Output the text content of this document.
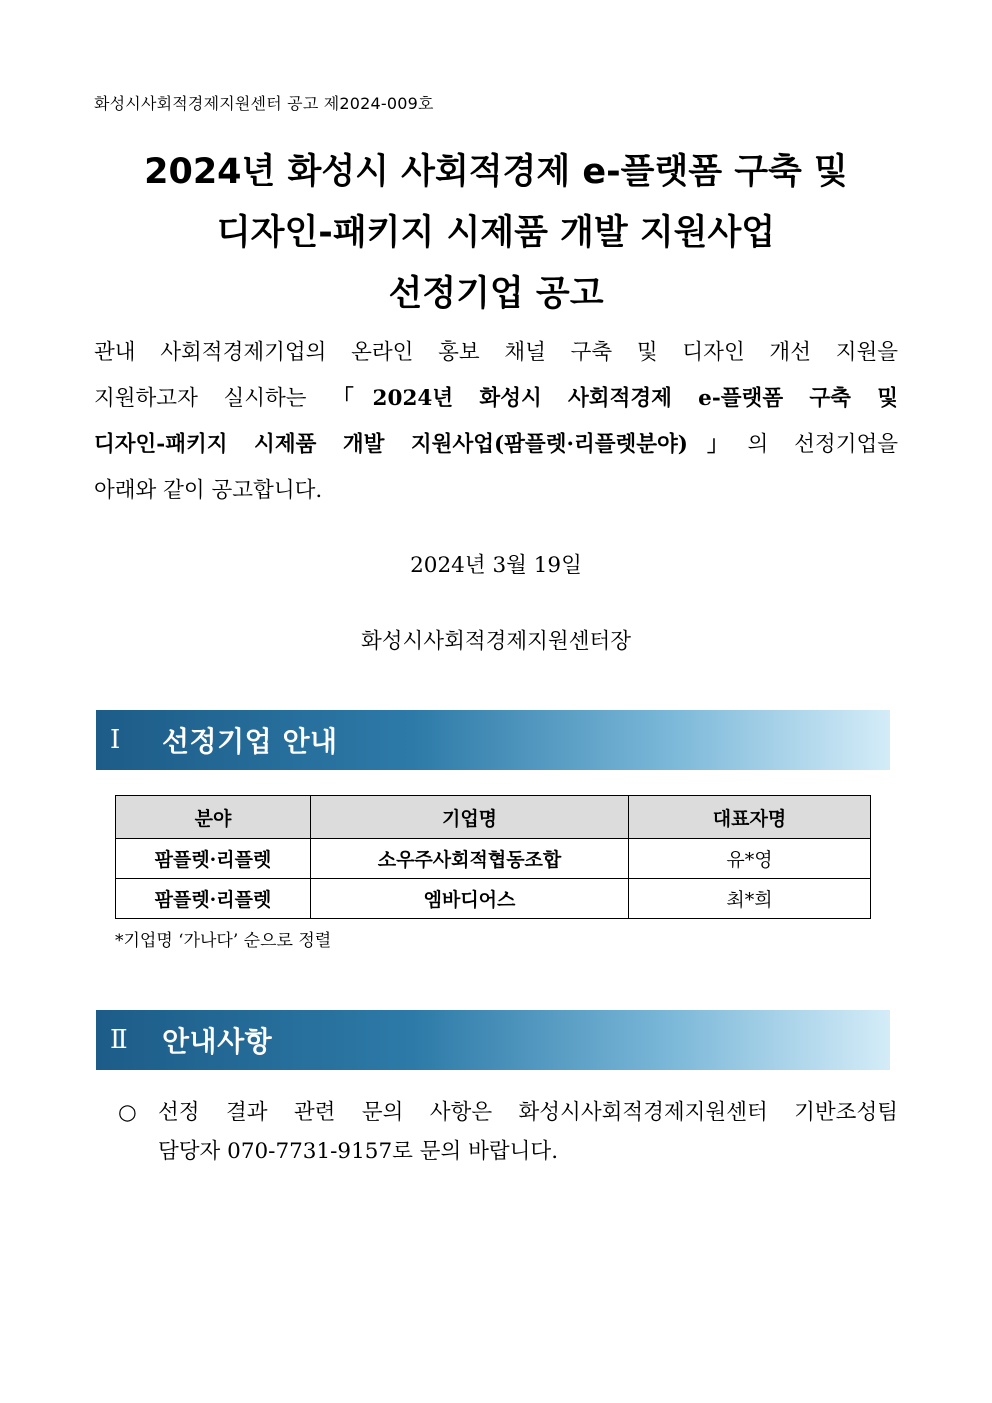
화성시사회적경제지원센터 공고 제2024-009호
2024년 화성시 사회적경제 e-플랫폼 구축 및
디자인-패키지 시제품 개발 지원사업
선정기업 공고
관내 사회적경제기업의 온라인 홍보 채널 구축 및 디자인 개선 지원을
지원하고자 실시하는 「2024년 화성시 사회적경제 e-플랫폼 구축 및
디자인-패키지 시제품 개발 지원사업(팜플렛·리플렛분야)」의 선정기업을
아래와 같이 공고합니다.
2024년 3월 19일
화성시사회적경제지원센터장
Ⅰ	선정기업 안내
분야	기업명	대표자명
팜플렛·리플렛	소우주사회적협동조합	유*영
팜플렛·리플렛	엠바디어스	최*희
*기업명 ‘가나다’ 순으로 정렬
Ⅱ	안내사항
○ 선정 결과 관련 문의 사항은 화성시사회적경제지원센터 기반조성팀
담당자 070-7731-9157로 문의 바랍니다.
